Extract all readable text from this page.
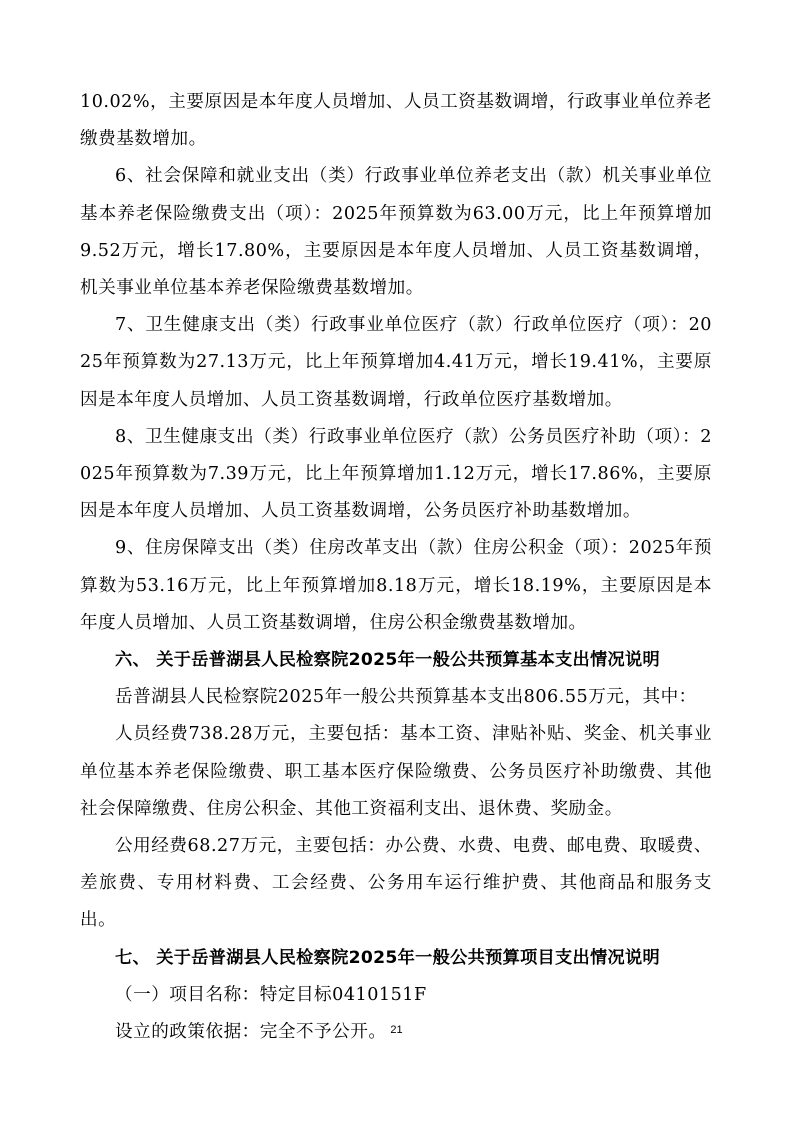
10.02%，主要原因是本年度人员增加、人员工资基数调增，行政事业单位养老缴费基数增加。

6、社会保障和就业支出（类）行政事业单位养老支出（款）机关事业单位基本养老保险缴费支出（项）：2025年预算数为63.00万元，比上年预算增加9.52万元，增长17.80%，主要原因是本年度人员增加、人员工资基数调增，机关事业单位基本养老保险缴费基数增加。

7、卫生健康支出（类）行政事业单位医疗（款）行政单位医疗（项）：2025年预算数为27.13万元，比上年预算增加4.41万元，增长19.41%，主要原因是本年度人员增加、人员工资基数调增，行政单位医疗基数增加。

8、卫生健康支出（类）行政事业单位医疗（款）公务员医疗补助（项）：2025年预算数为7.39万元，比上年预算增加1.12万元，增长17.86%，主要原因是本年度人员增加、人员工资基数调增，公务员医疗补助基数增加。

9、住房保障支出（类）住房改革支出（款）住房公积金（项）：2025年预算数为53.16万元，比上年预算增加8.18万元，增长18.19%，主要原因是本年度人员增加、人员工资基数调增，住房公积金缴费基数增加。

六、 关于岳普湖县人民检察院2025年一般公共预算基本支出情况说明

岳普湖县人民检察院2025年一般公共预算基本支出806.55万元，其中：

人员经费738.28万元，主要包括：基本工资、津贴补贴、奖金、机关事业单位基本养老保险缴费、职工基本医疗保险缴费、公务员医疗补助缴费、其他社会保障缴费、住房公积金、其他工资福利支出、退休费、奖励金。

公用经费68.27万元，主要包括：办公费、水费、电费、邮电费、取暖费、差旅费、专用材料费、工会经费、公务用车运行维护费、其他商品和服务支出。

七、 关于岳普湖县人民检察院2025年一般公共预算项目支出情况说明

（一）项目名称：特定目标0410151F

设立的政策依据：完全不予公开。 21
